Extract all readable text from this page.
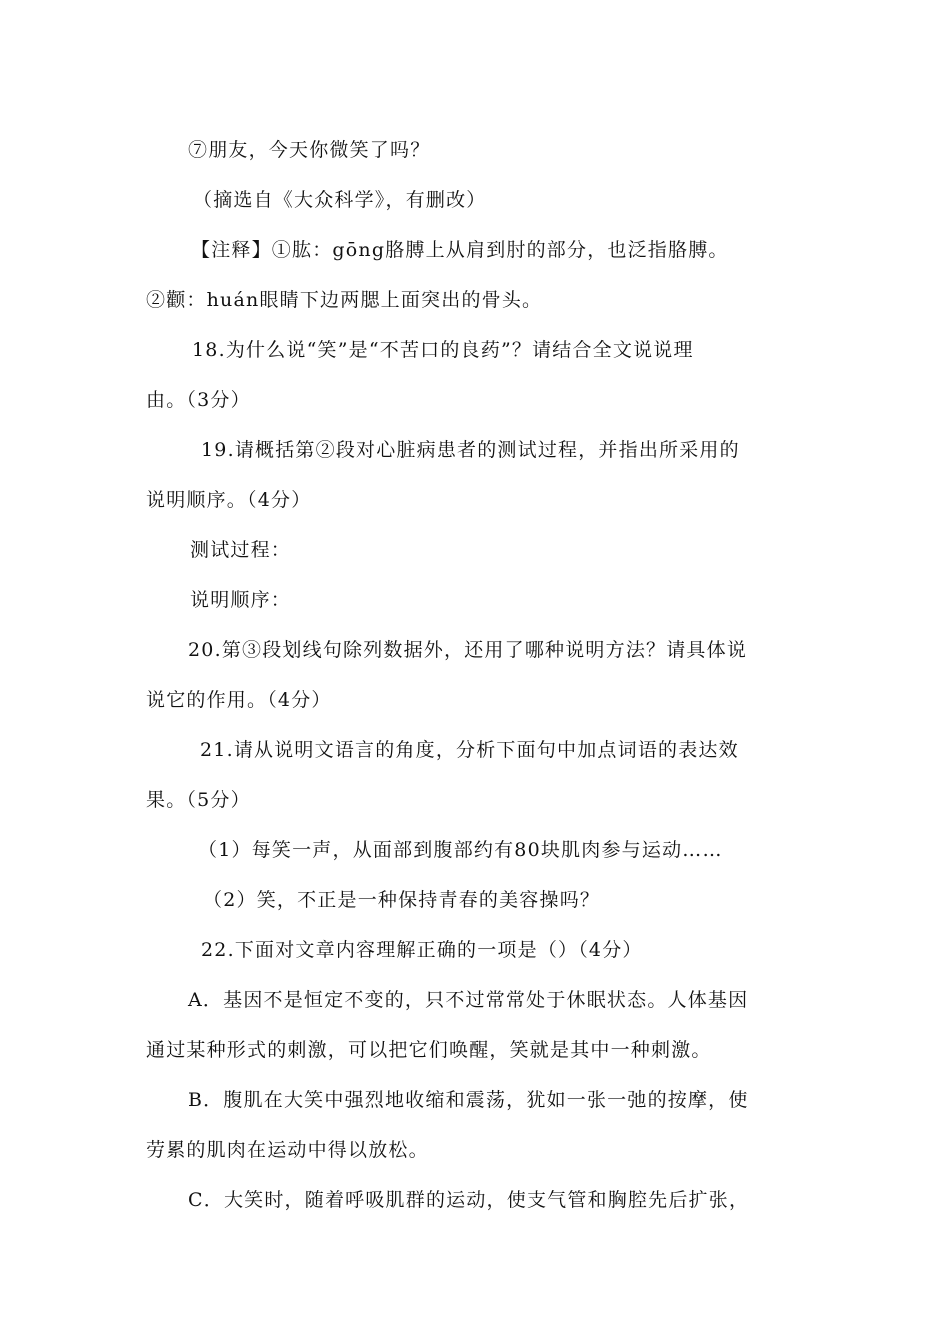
⑦朋友，今天你微笑了吗？

（摘选自《大众科学》，有删改）

【注释】①肱：gōng胳膊上从肩到肘的部分，也泛指胳膊。

②颧：huán眼睛下边两腮上面突出的骨头。

18.为什么说“笑”是“不苦口的良药”？请结合全文说说理

由。（3分）

19.请概括第②段对心脏病患者的测试过程，并指出所采用的

说明顺序。（4分）

测试过程：

说明顺序：

20.第③段划线句除列数据外，还用了哪种说明方法？请具体说

说它的作用。（4分）

21.请从说明文语言的角度，分析下面句中加点词语的表达效

果。（5分）

（1）每笑一声，从面部到腹部约有80块肌肉参与运动……

（2）笑，不正是一种保持青春的美容操吗？

22.下面对文章内容理解正确的一项是（）（4分）

A．基因不是恒定不变的，只不过常常处于休眠状态。人体基因

通过某种形式的刺激，可以把它们唤醒，笑就是其中一种刺激。

B．腹肌在大笑中强烈地收缩和震荡，犹如一张一弛的按摩，使

劳累的肌肉在运动中得以放松。

C．大笑时，随着呼吸肌群的运动，使支气管和胸腔先后扩张，
